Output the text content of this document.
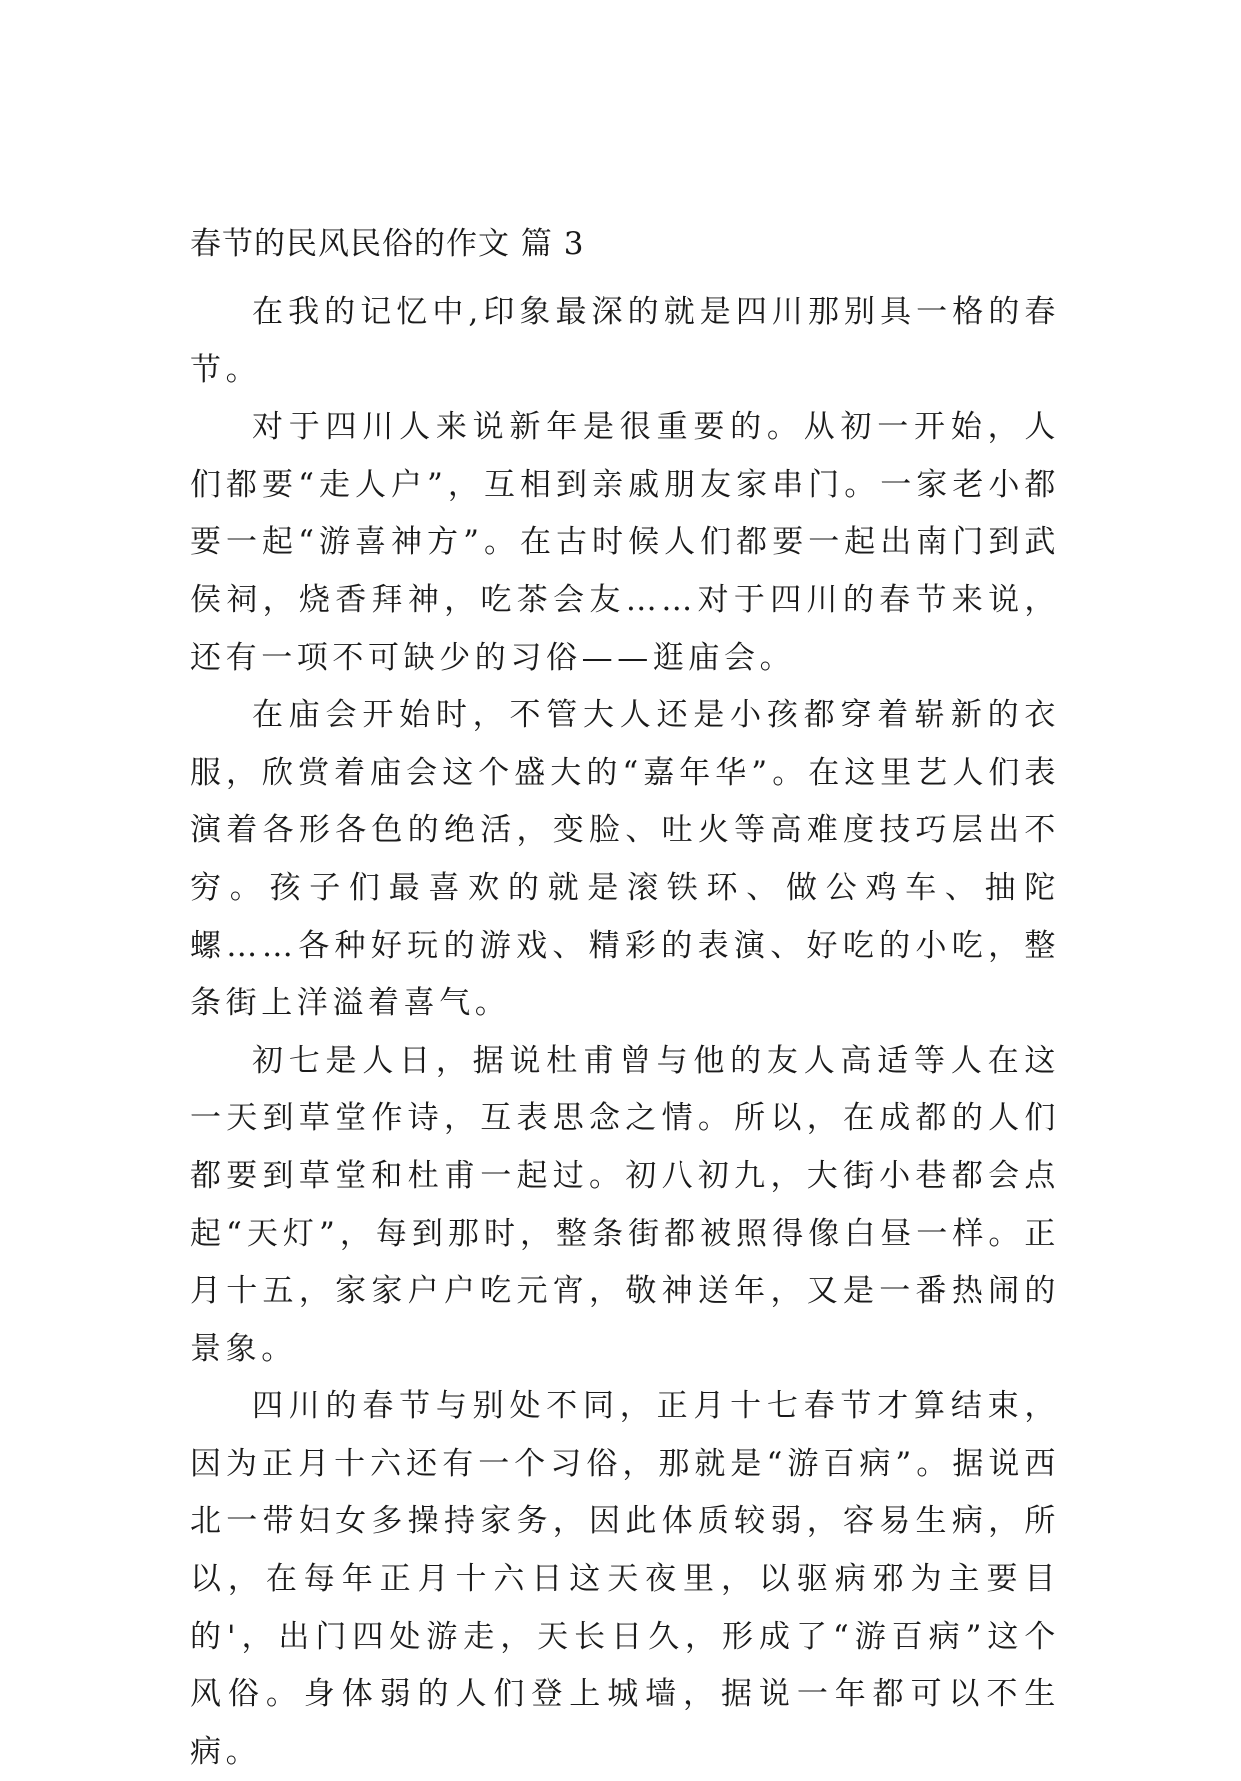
春节的民风民俗的作文 篇 3

在我的记忆中,印象最深的就是四川那别具一格的春节。

对于四川人来说新年是很重要的。从初一开始，人们都要“走人户”，互相到亲戚朋友家串门。一家老小都要一起“游喜神方”。在古时候人们都要一起出南门到武侯祠，烧香拜神，吃茶会友……对于四川的春节来说，还有一项不可缺少的习俗——逛庙会。

在庙会开始时，不管大人还是小孩都穿着崭新的衣服，欣赏着庙会这个盛大的“嘉年华”。在这里艺人们表演着各形各色的绝活，变脸、吐火等高难度技巧层出不穷。孩子们最喜欢的就是滚铁环、做公鸡车、抽陀螺……各种好玩的游戏、精彩的表演、好吃的小吃，整条街上洋溢着喜气。

初七是人日，据说杜甫曾与他的友人高适等人在这一天到草堂作诗，互表思念之情。所以，在成都的人们都要到草堂和杜甫一起过。初八初九，大街小巷都会点起“天灯”，每到那时，整条街都被照得像白昼一样。正月十五，家家户户吃元宵，敬神送年，又是一番热闹的景象。

四川的春节与别处不同，正月十七春节才算结束，因为正月十六还有一个习俗，那就是“游百病”。据说西北一带妇女多操持家务，因此体质较弱，容易生病，所以，在每年正月十六日这天夜里，以驱病邪为主要目的'，出门四处游走，天长日久，形成了“游百病”这个风俗。身体弱的人们登上城墙，据说一年都可以不生病。
